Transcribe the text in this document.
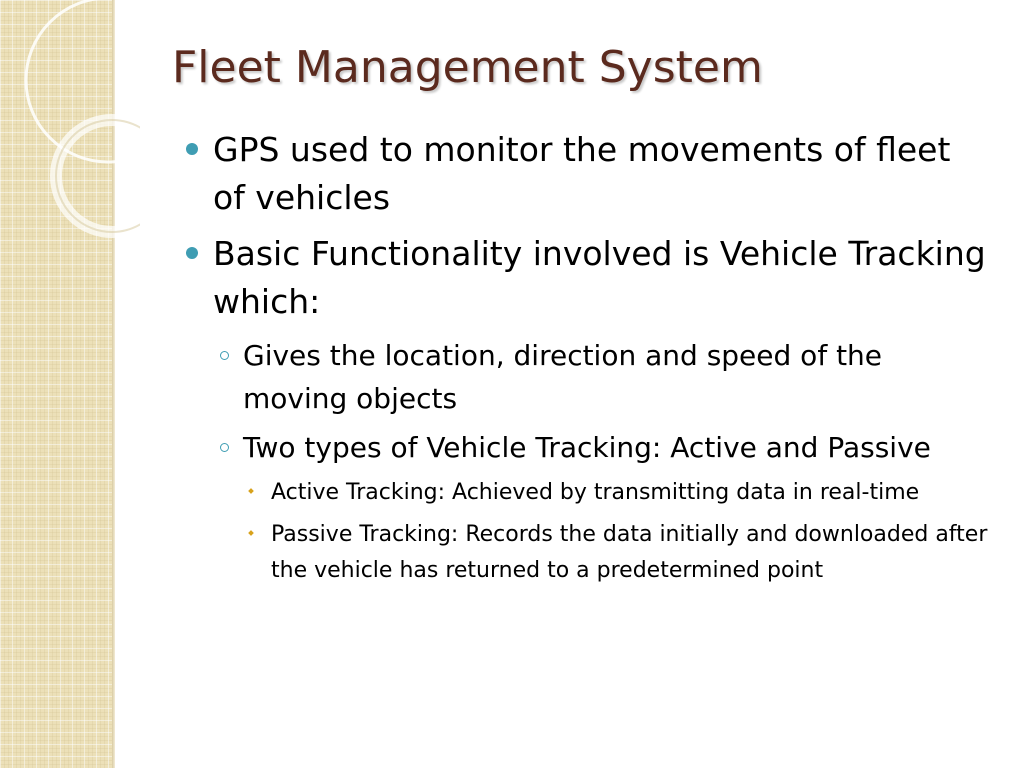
Fleet Management System
GPS used to monitor the movements of fleet of vehicles
Basic Functionality involved is Vehicle Tracking which:
Gives the location, direction and speed of the moving objects
Two types of Vehicle Tracking: Active and Passive
Active Tracking: Achieved by transmitting data in real-time
Passive Tracking: Records the data initially and downloaded after the vehicle has returned to a predetermined point
